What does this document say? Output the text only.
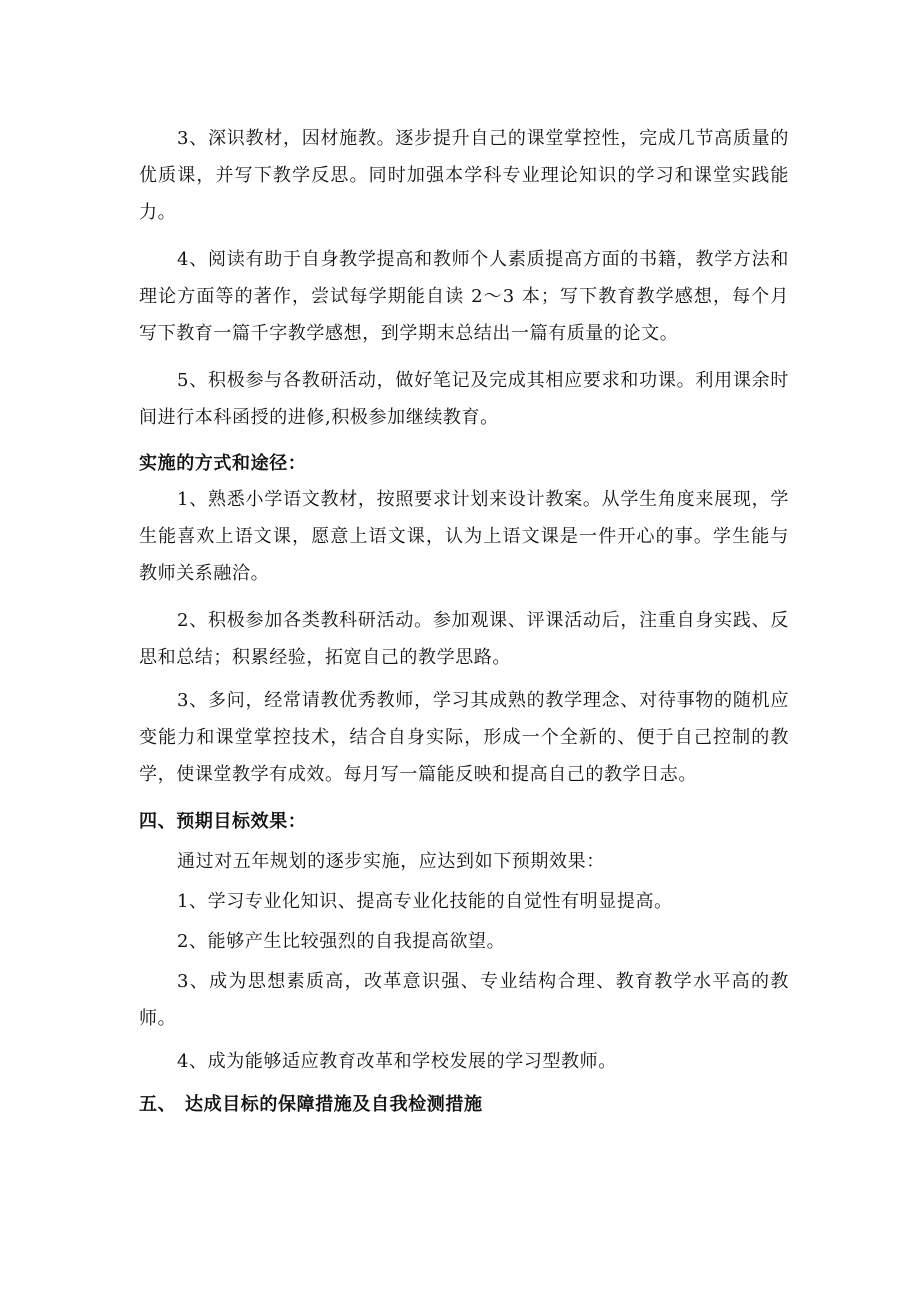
3、深识教材，因材施教。逐步提升自己的课堂掌控性，完成几节高质量的优质课，并写下教学反思。同时加强本学科专业理论知识的学习和课堂实践能力。

4、阅读有助于自身教学提高和教师个人素质提高方面的书籍，教学方法和理论方面等的著作，尝试每学期能自读 2～3 本；写下教育教学感想，每个月写下教育一篇千字教学感想，到学期末总结出一篇有质量的论文。

5、积极参与各教研活动，做好笔记及完成其相应要求和功课。利用课余时间进行本科函授的进修,积极参加继续教育。

实施的方式和途径：

1、熟悉小学语文教材，按照要求计划来设计教案。从学生角度来展现，学生能喜欢上语文课，愿意上语文课，认为上语文课是一件开心的事。学生能与教师关系融洽。

2、积极参加各类教科研活动。参加观课、评课活动后，注重自身实践、反思和总结；积累经验，拓宽自己的教学思路。

3、多问，经常请教优秀教师，学习其成熟的教学理念、对待事物的随机应变能力和课堂掌控技术，结合自身实际，形成一个全新的、便于自己控制的教学，使课堂教学有成效。每月写一篇能反映和提高自己的教学日志。

四、预期目标效果：

通过对五年规划的逐步实施，应达到如下预期效果：

1、学习专业化知识、提高专业化技能的自觉性有明显提高。

2、能够产生比较强烈的自我提高欲望。

3、成为思想素质高，改革意识强、专业结构合理、教育教学水平高的教师。

4、成为能够适应教育改革和学校发展的学习型教师。

五、 达成目标的保障措施及自我检测措施
